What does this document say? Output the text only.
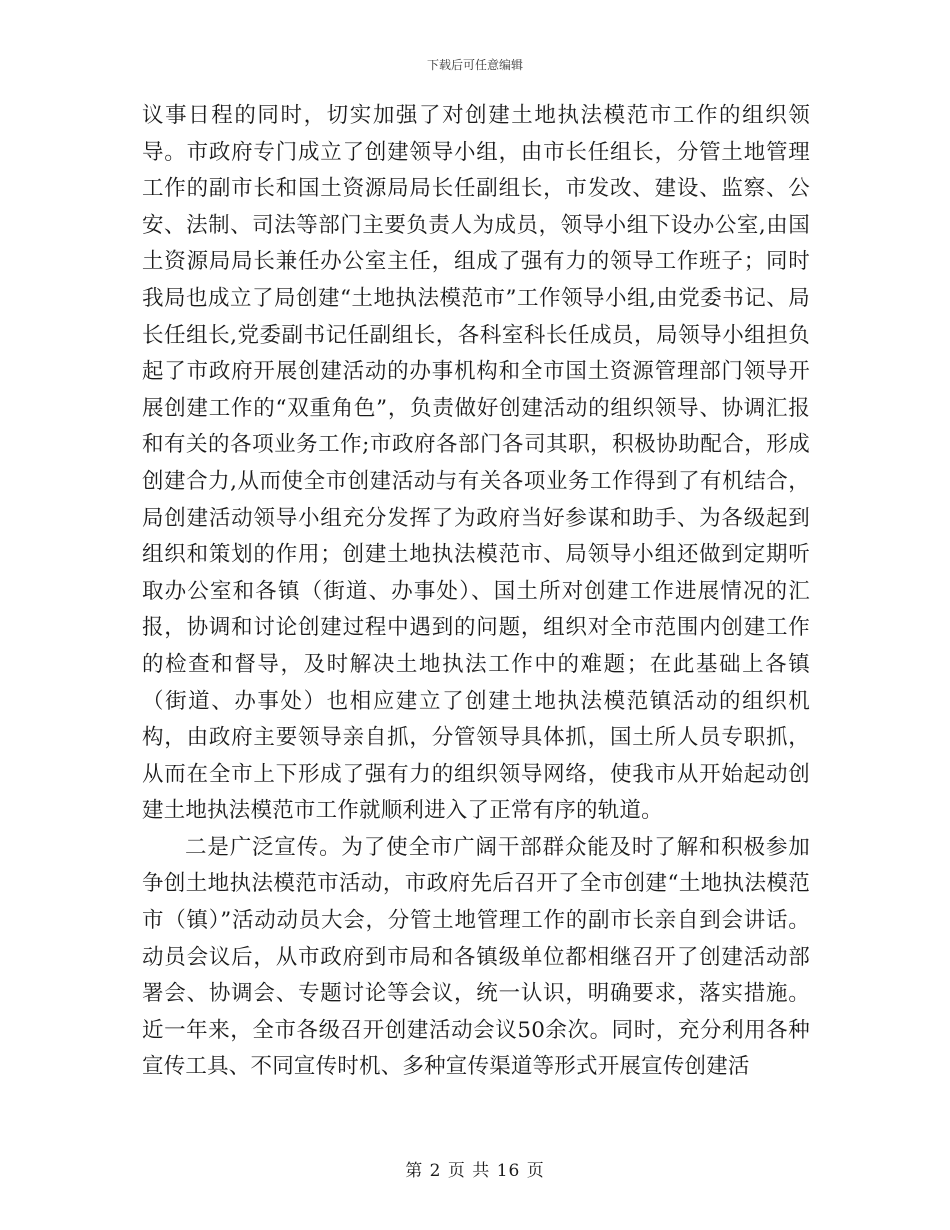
下载后可任意编辑

议事日程的同时，切实加强了对创建土地执法模范市工作的组织领导。市政府专门成立了创建领导小组，由市长任组长，分管土地管理工作的副市长和国土资源局局长任副组长，市发改、建设、监察、公安、法制、司法等部门主要负责人为成员，领导小组下设办公室,由国土资源局局长兼任办公室主任，组成了强有力的领导工作班子；同时我局也成立了局创建“土地执法模范市”工作领导小组,由党委书记、局长任组长,党委副书记任副组长，各科室科长任成员，局领导小组担负起了市政府开展创建活动的办事机构和全市国土资源管理部门领导开展创建工作的“双重角色”，负责做好创建活动的组织领导、协调汇报和有关的各项业务工作;市政府各部门各司其职，积极协助配合，形成创建合力,从而使全市创建活动与有关各项业务工作得到了有机结合，局创建活动领导小组充分发挥了为政府当好参谋和助手、为各级起到组织和策划的作用；创建土地执法模范市、局领导小组还做到定期听取办公室和各镇（街道、办事处）、国土所对创建工作进展情况的汇报，协调和讨论创建过程中遇到的问题，组织对全市范围内创建工作的检查和督导，及时解决土地执法工作中的难题；在此基础上各镇（街道、办事处）也相应建立了创建土地执法模范镇活动的组织机构，由政府主要领导亲自抓，分管领导具体抓，国土所人员专职抓，从而在全市上下形成了强有力的组织领导网络，使我市从开始起动创建土地执法模范市工作就顺利进入了正常有序的轨道。

二是广泛宣传。为了使全市广阔干部群众能及时了解和积极参加争创土地执法模范市活动，市政府先后召开了全市创建“土地执法模范市（镇）”活动动员大会，分管土地管理工作的副市长亲自到会讲话。动员会议后，从市政府到市局和各镇级单位都相继召开了创建活动部署会、协调会、专题讨论等会议，统一认识，明确要求，落实措施。近一年来，全市各级召开创建活动会议50余次。同时，充分利用各种宣传工具、不同宣传时机、多种宣传渠道等形式开展宣传创建活

第 2 页 共 16 页
